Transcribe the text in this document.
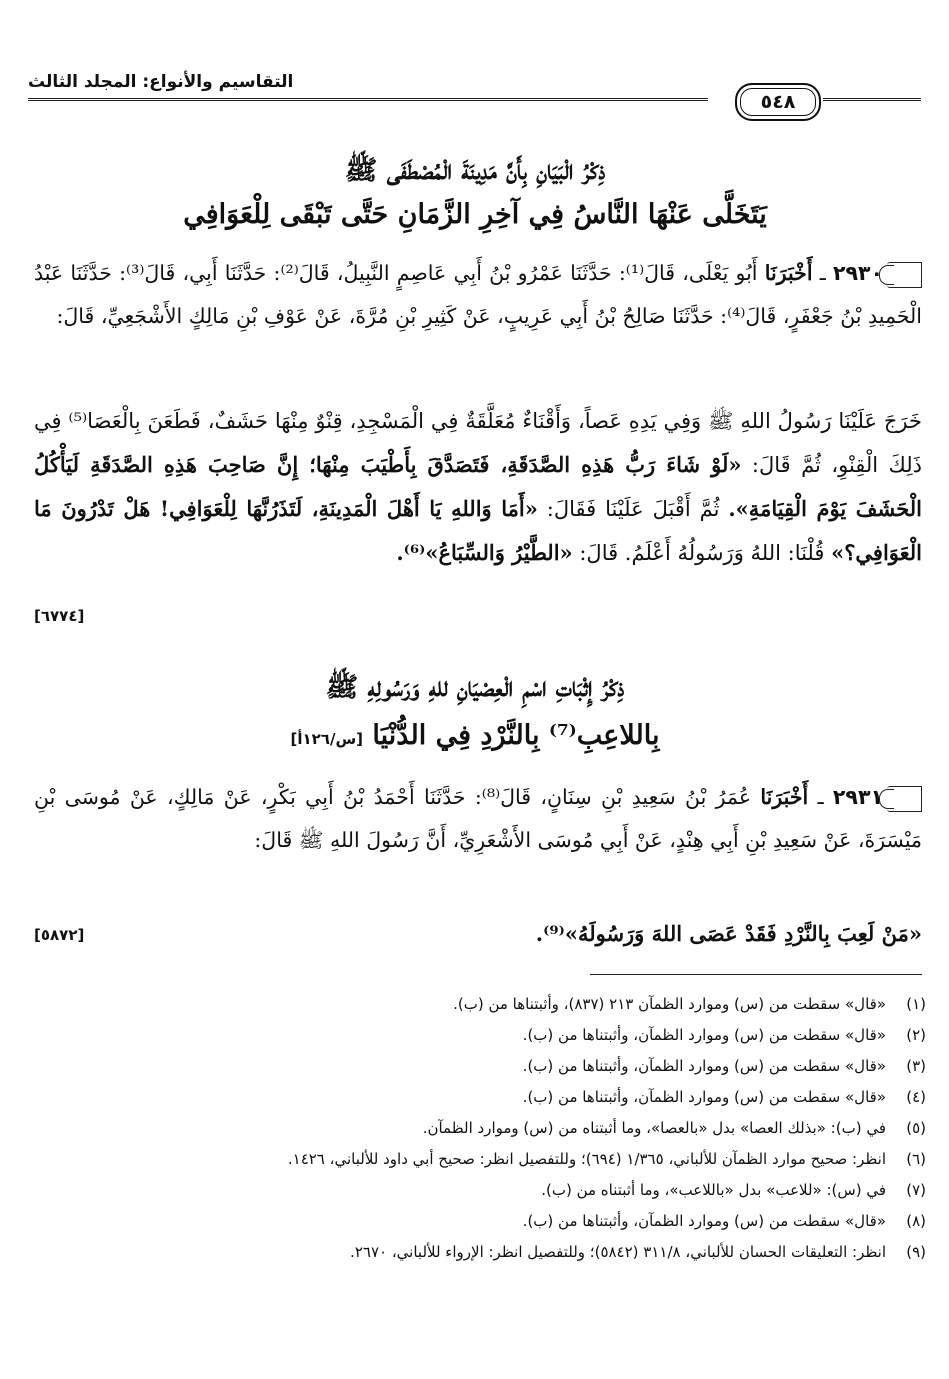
التقاسيم والأنواع: المجلد الثالث
٥٤٨
ذِكْرُ الْبَيَانِ بِأَنَّ مَدِينَةَ الْمُصْطَفَى ﷺ
يَتَخَلَّى عَنْهَا النَّاسُ فِي آخِرِ الزَّمَانِ حَتَّى تَبْقَى لِلْعَوَافِي
٢٩٣٠ ـ أَخْبَرَنَا أَبُو يَعْلَى، قَالَ⁽¹⁾: حَدَّثَنَا عَمْرُو بْنُ أَبِي عَاصِمٍ النَّبِيلُ، قَالَ⁽²⁾: حَدَّثَنَا أَبِي، قَالَ⁽³⁾: حَدَّثَنَا عَبْدُ الْحَمِيدِ بْنُ جَعْفَرٍ، قَالَ⁽⁴⁾: حَدَّثَنَا صَالِحُ بْنُ أَبِي عَرِيبٍ، عَنْ كَثِيرِ بْنِ مُرَّةَ، عَنْ عَوْفِ بْنِ مَالِكٍ الأَشْجَعِيِّ، قَالَ:
خَرَجَ عَلَيْنَا رَسُولُ اللهِ ﷺ وَفِي يَدِهِ عَصاً، وَأَقْنَاءٌ مُعَلَّقَةٌ فِي الْمَسْجِدِ، قِنْوٌ مِنْهَا حَشَفٌ، فَطَعَنَ بِالْعَصَا⁽⁵⁾ فِي ذَلِكَ الْقِنْوِ، ثُمَّ قَالَ: «لَوْ شَاءَ رَبُّ هَذِهِ الصَّدَقَةِ، فَتَصَدَّقَ بِأَطْيَبَ مِنْهَا؛ إِنَّ صَاحِبَ هَذِهِ الصَّدَقَةِ لَيَأْكُلُ الْحَشَفَ يَوْمَ الْقِيَامَةِ». ثُمَّ أَقْبَلَ عَلَيْنَا فَقَالَ: «أَمَا وَاللهِ يَا أَهْلَ الْمَدِينَةِ، لَتَذَرُنَّهَا لِلْعَوَافِي! هَلْ تَدْرُونَ مَا الْعَوَافِي؟» قُلْنَا: اللهُ وَرَسُولُهُ أَعْلَمُ. قَالَ: «الطَّيْرُ وَالسِّبَاعُ»⁽⁶⁾.
[٦٧٧٤]
ذِكْرُ إِثْبَاتِ اسْمِ الْعِصْيَانِ للهِ وَرَسُولِهِ ﷺ
بِاللاعِبِ⁽⁷⁾ بِالنَّرْدِ فِي الدُّنْيَا [س/١٢٦أ]
٢٩٣١ ـ أَخْبَرَنَا عُمَرُ بْنُ سَعِيدِ بْنِ سِنَانٍ، قَالَ⁽⁸⁾: حَدَّثَنَا أَحْمَدُ بْنُ أَبِي بَكْرٍ، عَنْ مَالِكٍ، عَنْ مُوسَى بْنِ مَيْسَرَةَ، عَنْ سَعِيدِ بْنِ أَبِي هِنْدٍ، عَنْ أَبِي مُوسَى الأَشْعَرِيِّ، أَنَّ رَسُولَ اللهِ ﷺ قَالَ:
«مَنْ لَعِبَ بِالنَّرْدِ فَقَدْ عَصَى اللهَ وَرَسُولَهُ»⁽⁹⁾.
[٥٨٧٢]
(١)
«قال» سقطت من (س) وموارد الظمآن ٢١٣ (٨٣٧)، وأثبتناها من (ب).
(٢)
«قال» سقطت من (س) وموارد الظمآن، وأثبتناها من (ب).
(٣)
«قال» سقطت من (س) وموارد الظمآن، وأثبتناها من (ب).
(٤)
«قال» سقطت من (س) وموارد الظمآن، وأثبتناها من (ب).
(٥)
في (ب): «بذلك العصا» بدل «بالعصا»، وما أثبتناه من (س) وموارد الظمآن.
(٦)
انظر: صحيح موارد الظمآن للألباني، ١/٣٦٥ (٦٩٤)؛ وللتفصيل انظر: صحيح أبي داود للألباني، ١٤٢٦.
(٧)
في (س): «للاعب» بدل «باللاعب»، وما أثبتناه من (ب).
(٨)
«قال» سقطت من (س) وموارد الظمآن، وأثبتناها من (ب).
(٩)
انظر: التعليقات الحسان للألباني، ٣١١/٨ (٥٨٤٢)؛ وللتفصيل انظر: الإرواء للألباني، ٢٦٧٠.
